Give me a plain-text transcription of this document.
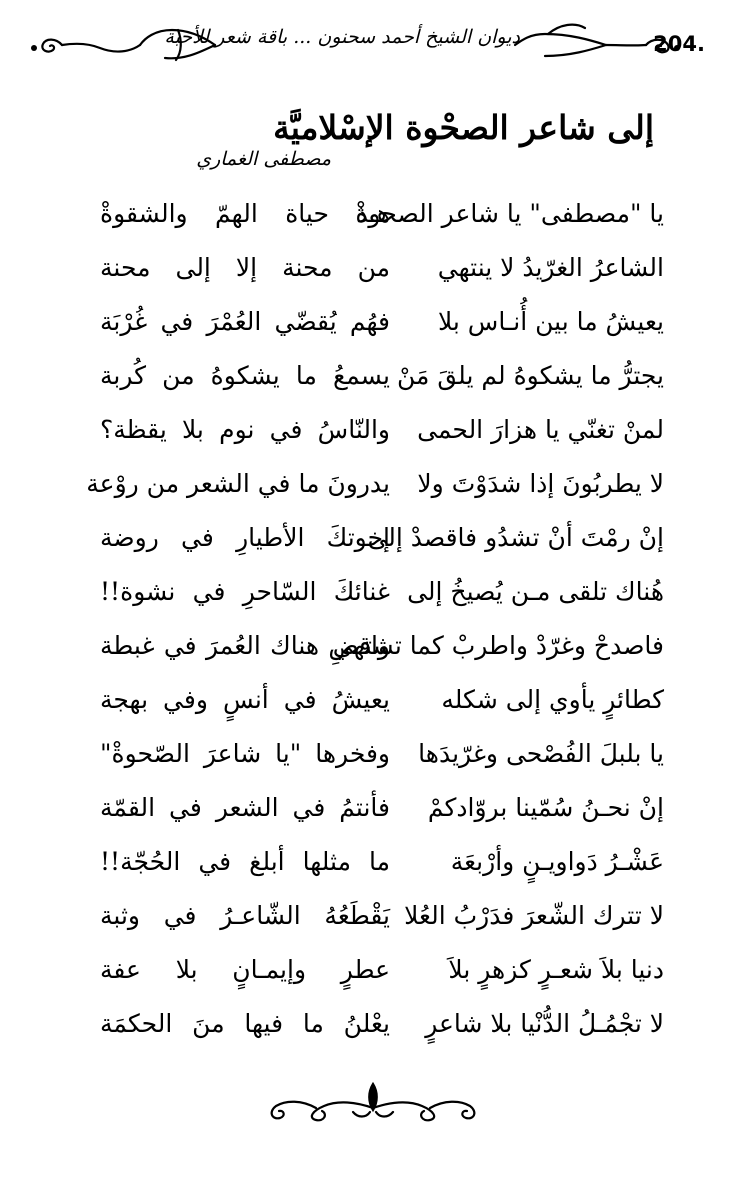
204.
ديوان الشيخ أحمد سحنون ... باقة شعر للأحبة
إلى شاعر الصحْوة الإسْلاميَّة
مصطفى الغماري
يا "مصطفى" يا شاعر الصحوةْ
هـذ حياة الهمّ والشقوةْ
الشاعرُ الغرّيدُ لا ينتهي
من محنة إلا إلى محنة
يعيشُ ما بين أُنـاس بلا
فهُم يُقضّي العُمْرَ في غُرْبَة
يجترُّ ما يشكوهُ لم يلقَ مَنْ
يسمعُ ما يشكوهُ من كُربة
لمنْ تغنّي يا هزارَ الحمى
والنّاسُ في نوم بلا يقظة؟
لا يطربُونَ إذا شدَوْتَ ولا
يدرونَ ما في الشعر من روْعة
إنْ رمْتَ أنْ تشدُو فاقصدْ إلى
إخوتكَ الأطيارِ في روضة
هُناك تلقى مـن يُصيخُ إلى
غنائكَ السّاحرِ في نشوة!!
فاصدحْ وغرّدْ واطربْ كما تشتهي
واقضِ هناك العُمرَ في غبطة
كطائرٍ يأوي إلى شكله
يعيشُ في أنسٍ وفي بهجة
يا بلبلَ الفُصْحى وغرّيدَها
وفخرها "يا شاعرَ الصّحوةْ"
إنْ نحـنُ سُمّينا بروّادكمْ
فأنتمُ في الشعر في القمّة
عَشْـرُ دَواويـنٍ وأرْبعَة
ما مثلها أبلغ في الحُجّة!!
لا تترك الشّعرَ فدَرْبُ العُلا
يَقْطَعُهُ الشّاعـرُ في وثبة
دنيا بلاَ شعـرٍ كزهرٍ بلاَ
عطرٍ وإيمـانٍ بلا عفة
لا تجْمُـلُ الدُّنْيا بلا شاعرٍ
يعْلنُ ما فيها منَ الحكمَة
